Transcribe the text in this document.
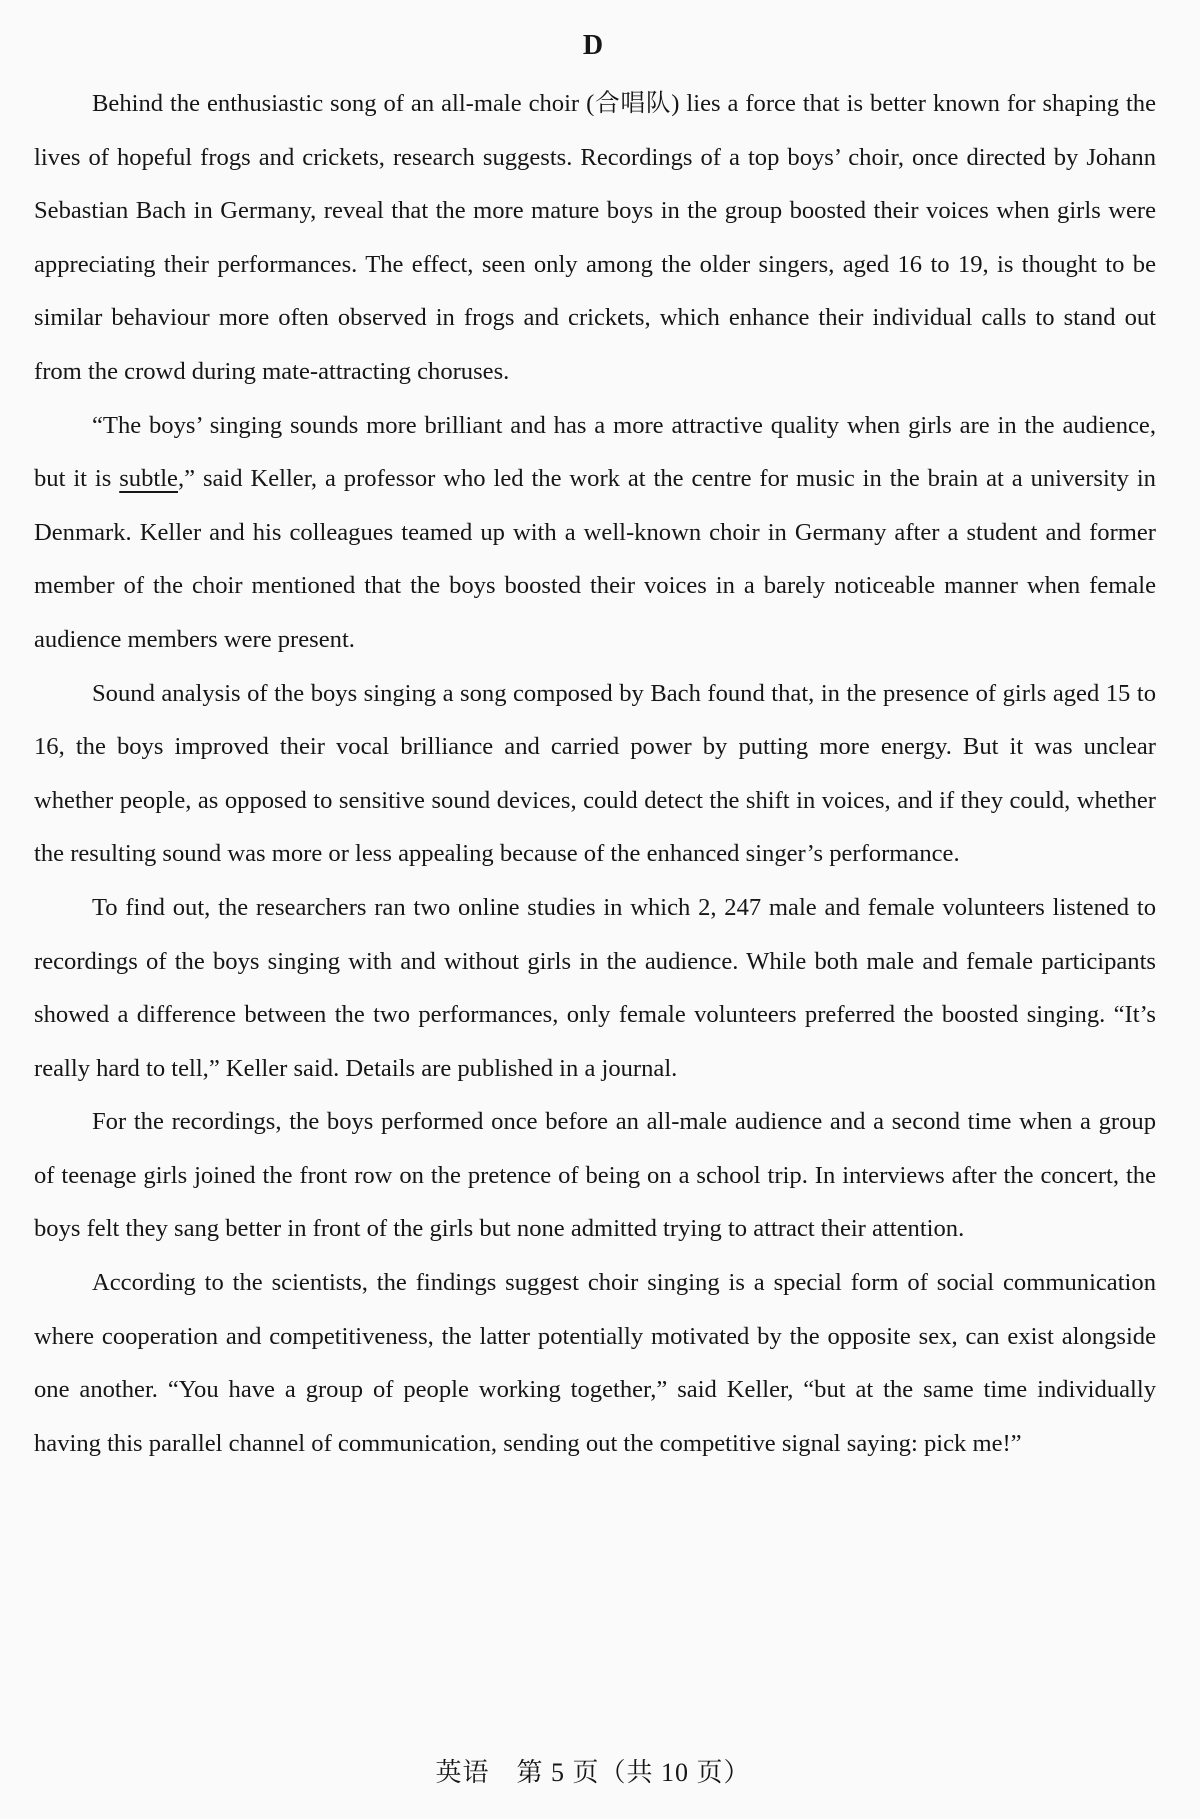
D

Behind the enthusiastic song of an all-male choir (合唱队) lies a force that is better known for shaping the lives of hopeful frogs and crickets, research suggests. Recordings of a top boys’ choir, once directed by Johann Sebastian Bach in Germany, reveal that the more mature boys in the group boosted their voices when girls were appreciating their performances. The effect, seen only among the older singers, aged 16 to 19, is thought to be similar behaviour more often observed in frogs and crickets, which enhance their individual calls to stand out from the crowd during mate-attracting choruses.

“The boys’ singing sounds more brilliant and has a more attractive quality when girls are in the audience, but it is subtle,” said Keller, a professor who led the work at the centre for music in the brain at a university in Denmark. Keller and his colleagues teamed up with a well-known choir in Germany after a student and former member of the choir mentioned that the boys boosted their voices in a barely noticeable manner when female audience members were present.

Sound analysis of the boys singing a song composed by Bach found that, in the presence of girls aged 15 to 16, the boys improved their vocal brilliance and carried power by putting more energy. But it was unclear whether people, as opposed to sensitive sound devices, could detect the shift in voices, and if they could, whether the resulting sound was more or less appealing because of the enhanced singer’s performance.

To find out, the researchers ran two online studies in which 2, 247 male and female volunteers listened to recordings of the boys singing with and without girls in the audience. While both male and female participants showed a difference between the two performances, only female volunteers preferred the boosted singing. “It’s really hard to tell,” Keller said. Details are published in a journal.

For the recordings, the boys performed once before an all-male audience and a second time when a group of teenage girls joined the front row on the pretence of being on a school trip. In interviews after the concert, the boys felt they sang better in front of the girls but none admitted trying to attract their attention.

According to the scientists, the findings suggest choir singing is a special form of social communication where cooperation and competitiveness, the latter potentially motivated by the opposite sex, can exist alongside one another. “You have a group of people working together,” said Keller, “but at the same time individually having this parallel channel of communication, sending out the competitive signal saying: pick me!”

英语　第 5 页（共 10 页）
